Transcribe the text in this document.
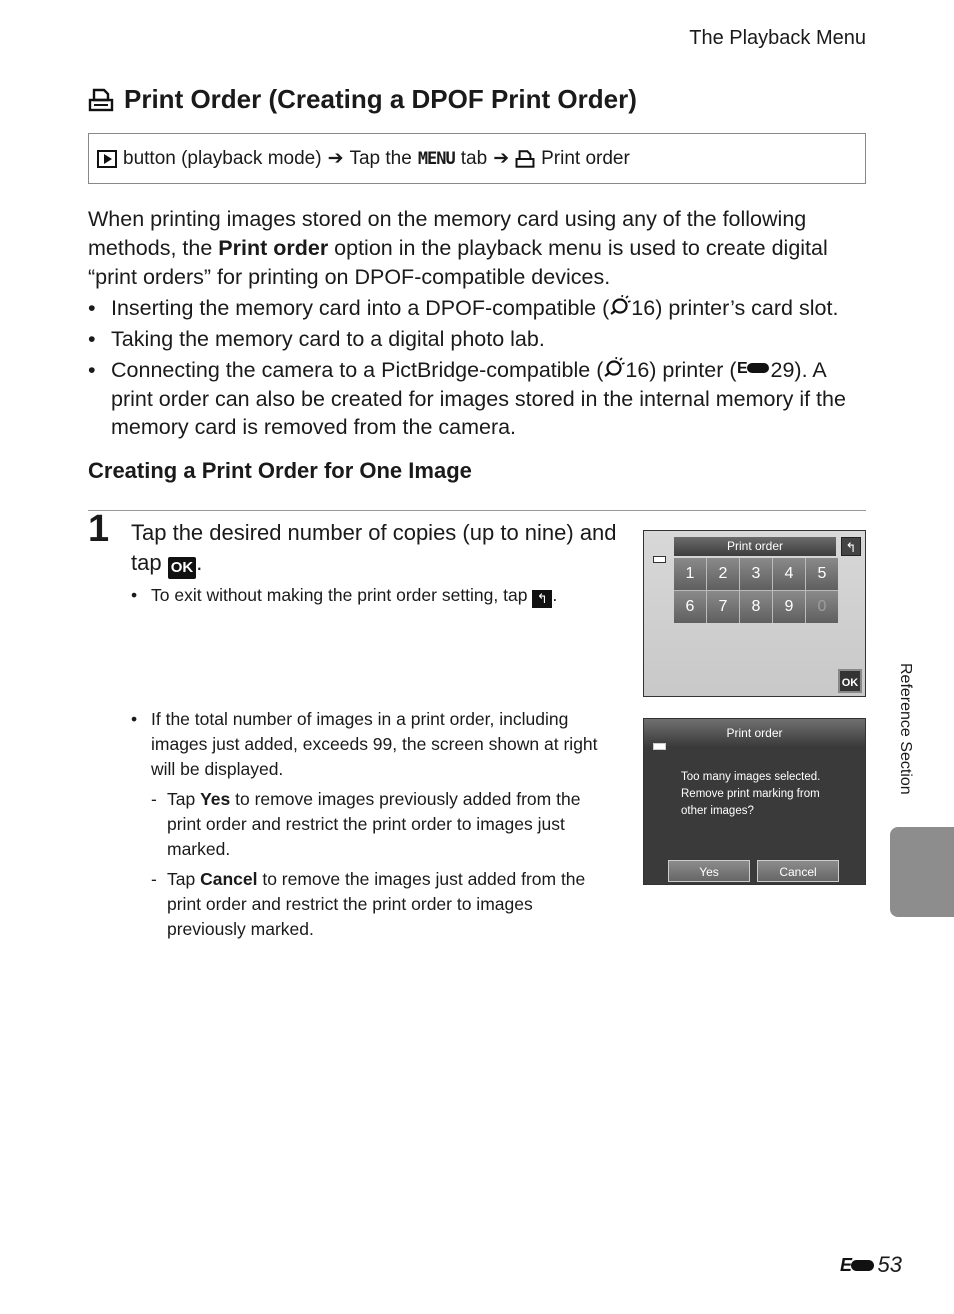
The Playback Menu
Print Order (Creating a DPOF Print Order)
button (playback mode) ➔ Tap the MENU tab ➔ Print order
When printing images stored on the memory card using any of the following methods, the Print order option in the playback menu is used to create digital “print orders” for printing on DPOF-compatible devices.
• Inserting the memory card into a DPOF-compatible ( 16) printer’s card slot.
• Taking the memory card to a digital photo lab.
• Connecting the camera to a PictBridge-compatible ( 16) printer ( E 29). A print order can also be created for images stored in the internal memory if the memory card is removed from the camera.
Creating a Print Order for One Image
1 Tap the desired number of copies (up to nine) and tap OK .
• To exit without making the print order setting, tap ↰ .

• If the total number of images in a print order, including images just added, exceeds 99, the screen shown at right will be displayed.

- Tap Yes to remove images previously added from the print order and restrict the print order to images just marked.

- Tap Cancel to remove the images just added from the print order and restrict the print order to images previously marked.

Print order	↰
1	2	3	4	5
6	7	8	9	0
OK
Print order
Too many images selected.
Remove print marking from
other images?
Yes	Cancel
Reference Section
E 53
